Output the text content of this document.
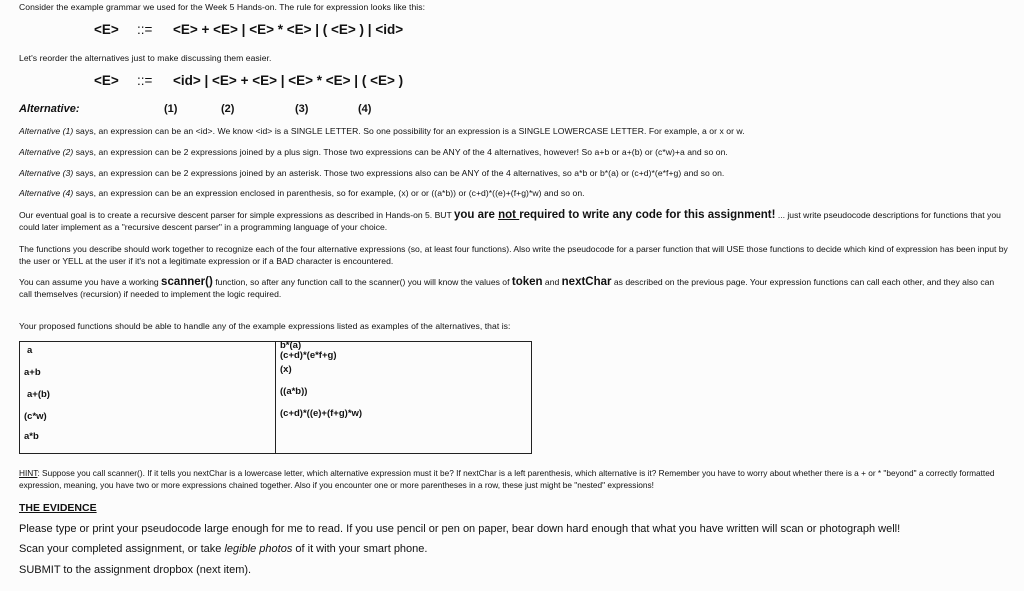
Consider the example grammar we used for the Week 5 Hands-on. The rule for expression looks like this:
<E> ::= <E> + <E> | <E> * <E> | ( <E> ) | <id>
Let's reorder the alternatives just to make discussing them easier.
<E> ::= <id> | <E> + <E> | <E> * <E> | ( <E> )
Alternative:	(1)	(2)	(3)	(4)
Alternative (1) says, an expression can be an <id>. We know <id> is a SINGLE LETTER. So one possibility for an expression is a SINGLE LOWERCASE LETTER. For example, a or x or w.
Alternative (2) says, an expression can be 2 expressions joined by a plus sign. Those two expressions can be ANY of the 4 alternatives, however! So a+b or a+(b) or (c*w)+a and so on.
Alternative (3) says, an expression can be 2 expressions joined by an asterisk. Those two expressions also can be ANY of the 4 alternatives, so a*b or b*(a) or (c+d)*(e*f+g) and so on.
Alternative (4) says, an expression can be an expression enclosed in parenthesis, so for example, (x) or or ((a*b)) or (c+d)*((e)+(f+g)*w) and so on.
Our eventual goal is to create a recursive descent parser for simple expressions as described in Hands-on 5. BUT you are not required to write any code for this assignment! ... just write pseudocode descriptions for functions that you could later implement as a "recursive descent parser" in a programming language of your choice.
The functions you describe should work together to recognize each of the four alternative expressions (so, at least four functions). Also write the pseudocode for a parser function that will USE those functions to decide which kind of expression has been input by the user or YELL at the user if it's not a legitimate expression or if a BAD character is encountered.
You can assume you have a working scanner() function, so after any function call to the scanner() you will know the values of token and nextChar as described on the previous page. Your expression functions can call each other, and they also can call themselves (recursion) if needed to implement the logic required.
Your proposed functions should be able to handle any of the example expressions listed as examples of the alternatives, that is:
a
a+b
a+(b)
(c*w)
a*b

b*(a)
(c+d)*(e*f+g)
(x)
((a*b))
(c+d)*((e)+(f+g)*w)
HINT: Suppose you call scanner(). If it tells you nextChar is a lowercase letter, which alternative expression must it be? If nextChar is a left parenthesis, which alternative is it? Remember you have to worry about whether there is a + or * "beyond" a correctly formatted expression, meaning, you have two or more expressions chained together. Also if you encounter one or more parentheses in a row, these just might be "nested" expressions!
THE EVIDENCE
Please type or print your pseudocode large enough for me to read. If you use pencil or pen on paper, bear down hard enough that what you have written will scan or photograph well!
Scan your completed assignment, or take legible photos of it with your smart phone.
SUBMIT to the assignment dropbox (next item).
